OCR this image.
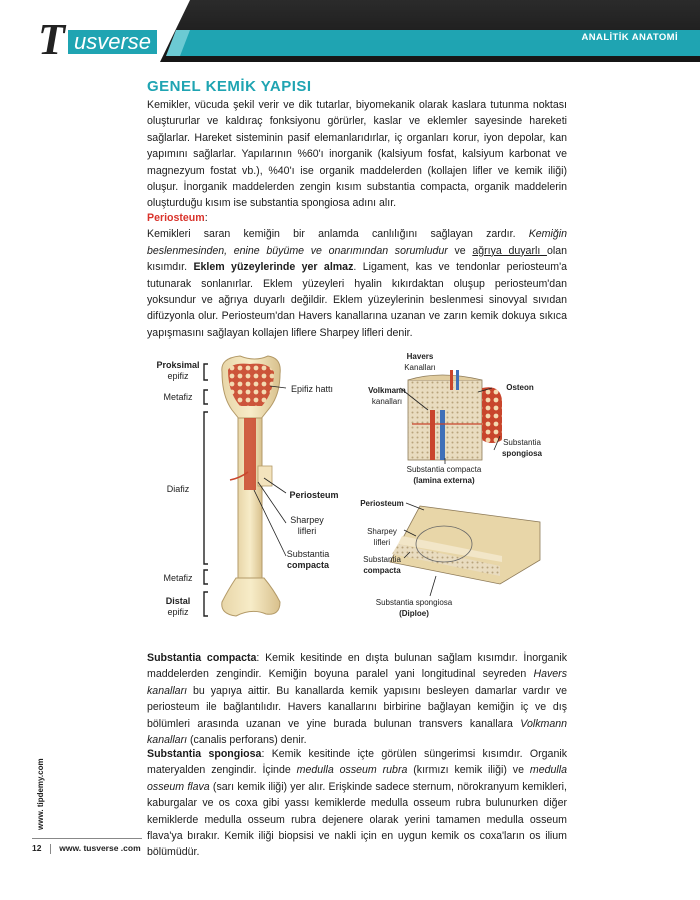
ANALİTİK ANATOMİ
usverse
T
GENEL KEMİK YAPISI
Kemikler, vücuda şekil verir ve dik tutarlar, biyomekanik olarak kaslara tutunma noktası oluştururlar ve kaldıraç fonksiyonu görürler, kaslar ve eklemler sayesinde hareketi sağlarlar. Hareket sisteminin pasif elemanlarıdırlar, iç organları korur, iyon depolar, kan yapımını sağlarlar. Yapılarının %60'ı inorganik (kalsiyum fosfat, kalsiyum karbonat ve magnezyum fostat vb.), %40'ı ise organik maddelerden (kollajen lifler ve kemik iliği) oluşur. İnorganik maddelerden zengin kısım substantia compacta, organik maddelerin oluşturduğu kısım ise substantia spongiosa adını alır.
Periosteum:
Kemikleri saran kemiğin bir anlamda canlılığını sağlayan zardır. Kemiğin beslenmesinden, enine büyüme ve onarımından sorumludur ve ağrıya duyarlı olan kısımdır. Eklem yüzeylerinde yer almaz. Ligament, kas ve tendonlar periosteum'a tutunarak sonlanırlar. Eklem yüzeyleri hyalin kıkırdaktan oluşup periosteum'dan yoksundur ve ağrıya duyarlı değildir. Eklem yüzeylerinin beslenmesi sinovyal sıvıdan difüzyonla olur. Periosteum'dan Havers kanallarına uzanan ve zarın kemik dokuya sıkıca yapışmasını sağlayan kollajen liflere Sharpey lifleri denir.
Proksimal
epifiz
Metafiz
Epifiz hattı
Diafiz
Periosteum
Sharpey
lifleri
Substantia
compacta
Metafiz
Distal
epifiz
Havers
Kanalları
Volkmann
kanalları
Osteon
Substantia
spongiosa
Substantia compacta
(lamina externa)
Periosteum
Sharpey
lifleri
Substantia
compacta
Substantia spongiosa
(Diploe)
Substantia compacta: Kemik kesitinde en dışta bulunan sağlam kısımdır. İnorganik maddelerden zengindir. Kemiğin boyuna paralel yani longitudinal seyreden Havers kanalları bu yapıya aittir. Bu kanallarda kemik yapısını besleyen damarlar vardır ve periosteum ile bağlantılıdır. Havers kanallarını birbirine bağlayan kemiğin iç ve dış bölümleri arasında uzanan ve yine burada bulunan transvers kanallara Volkmann kanalları (canalis perforans) denir.
Substantia spongiosa: Kemik kesitinde içte görülen süngerimsi kısımdır. Organik materyalden zengindir. İçinde medulla osseum rubra (kırmızı kemik iliği) ve medulla osseum flava (sarı kemik iliği) yer alır. Erişkinde sadece sternum, nörokranyum kemikleri, kaburgalar ve os coxa gibi yassı kemiklerde medulla osseum rubra bulunurken diğer kemiklerde medulla osseum rubra dejenere olarak yerini tamamen medulla osseum flava'ya bırakır. Kemik iliği biopsisi ve nakli için en uygun kemik os coxa'ların os ilium bölümüdür.
www. tipdemy.com
12 www. tusverse .com
